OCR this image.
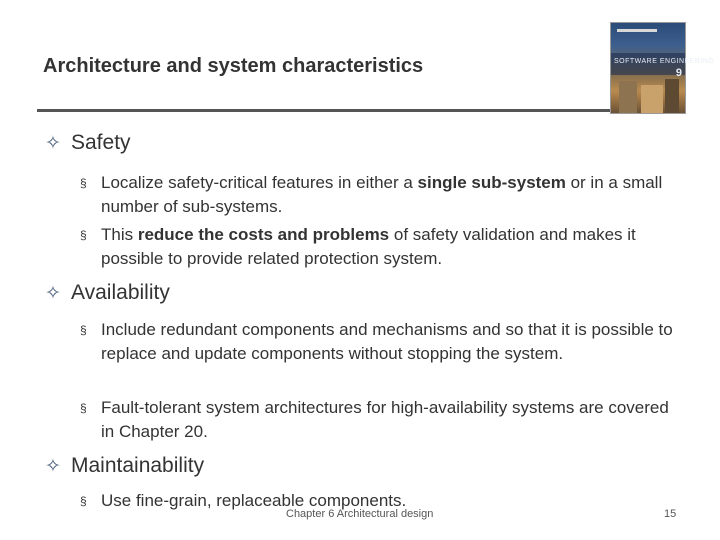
Architecture and system characteristics	SOFTWARE ENGINEERING
9
✧ Safety
§ Localize safety-critical features in either a single sub-system or in a small number of sub-systems.
§ This reduce the costs and problems of safety validation and makes it possible to provide related protection system.
✧ Availability
§ Include redundant components and mechanisms and so that it is possible to replace and update components without stopping the system.
§ Fault-tolerant system architectures for high-availability systems are covered in Chapter 20.
✧ Maintainability
§ Use fine-grain, replaceable components.
Chapter 6 Architectural design	15
